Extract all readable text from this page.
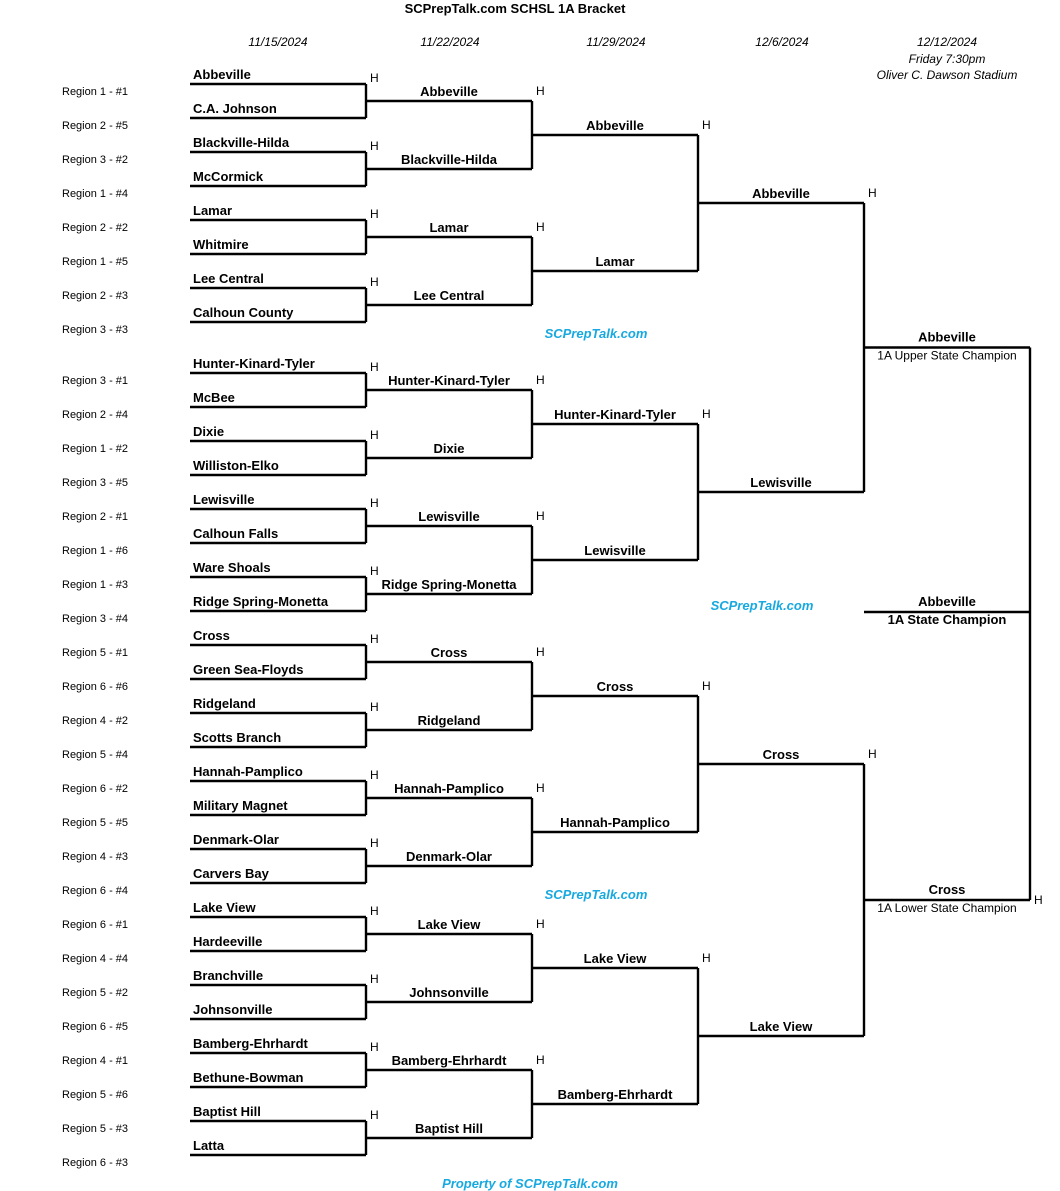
SCPrepTalk.com SCHSL 1A Bracket
11/15/2024	11/22/2024	11/29/2024	12/6/2024	12/12/2024
Friday 7:30pm
Oliver C. Dawson Stadium
SCPrepTalk.com
SCPrepTalk.com
SCPrepTalk.com
Property of SCPrepTalk.com
Abbeville
1A State Champion
Region 1 - #1
Abbeville
Region 2 - #5
C.A. Johnson
Region 3 - #2
Blackville-Hilda
Region 1 - #4
McCormick
Region 2 - #2
Lamar
Region 1 - #5
Whitmire
Region 2 - #3
Lee Central
Region 3 - #3
Calhoun County
Region 3 - #1
Hunter-Kinard-Tyler
Region 2 - #4
McBee
Region 1 - #2
Dixie
Region 3 - #5
Williston-Elko
Region 2 - #1
Lewisville
Region 1 - #6
Calhoun Falls
Region 1 - #3
Ware Shoals
Region 3 - #4
Ridge Spring-Monetta
Region 5 - #1
Cross
Region 6 - #6
Green Sea-Floyds
Region 4 - #2
Ridgeland
Region 5 - #4
Scotts Branch
Region 6 - #2
Hannah-Pamplico
Region 5 - #5
Military Magnet
Region 4 - #3
Denmark-Olar
Region 6 - #4
Carvers Bay
Region 6 - #1
Lake View
Region 4 - #4
Hardeeville
Region 5 - #2
Branchville
Region 6 - #5
Johnsonville
Region 4 - #1
Bamberg-Ehrhardt
Region 5 - #6
Bethune-Bowman
Region 5 - #3
Baptist Hill
Region 6 - #3
Latta
H
Abbeville
H
Blackville-Hilda
H
Lamar
H
Lee Central
H
Hunter-Kinard-Tyler
H
Dixie
H
Lewisville
H
Ridge Spring-Monetta
H
Cross
H
Ridgeland
H
Hannah-Pamplico
H
Denmark-Olar
H
Lake View
H
Johnsonville
H
Bamberg-Ehrhardt
H
Baptist Hill
H
Abbeville
H
Lamar
H
Hunter-Kinard-Tyler
H
Lewisville
H
Cross
H
Hannah-Pamplico
H
Lake View
H
Bamberg-Ehrhardt
H
Abbeville
H
Lewisville
H
Cross
H
Lake View
H
Abbeville
1A Upper State Champion
H
Cross
1A Lower State Champion
H
